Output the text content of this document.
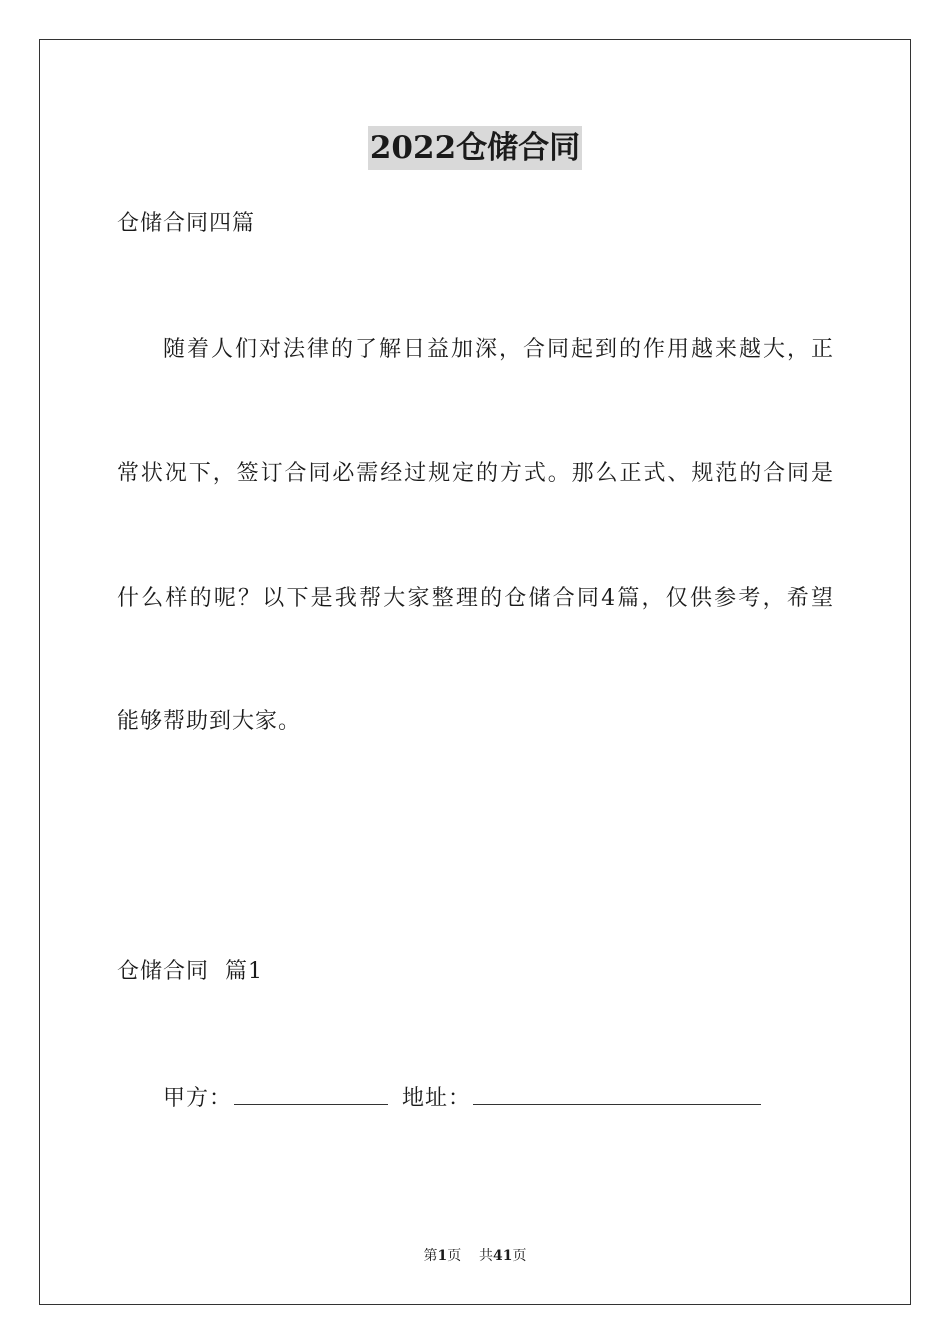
2022仓储合同
仓储合同四篇
随着人们对法律的了解日益加深，合同起到的作用越来越大，正
常状况下，签订合同必需经过规定的方式。那么正式、规范的合同是
什么样的呢？以下是我帮大家整理的仓储合同4篇，仅供参考，希望
能够帮助到大家。
仓储合同  篇1
甲方：	地址：
第1页 共41页
